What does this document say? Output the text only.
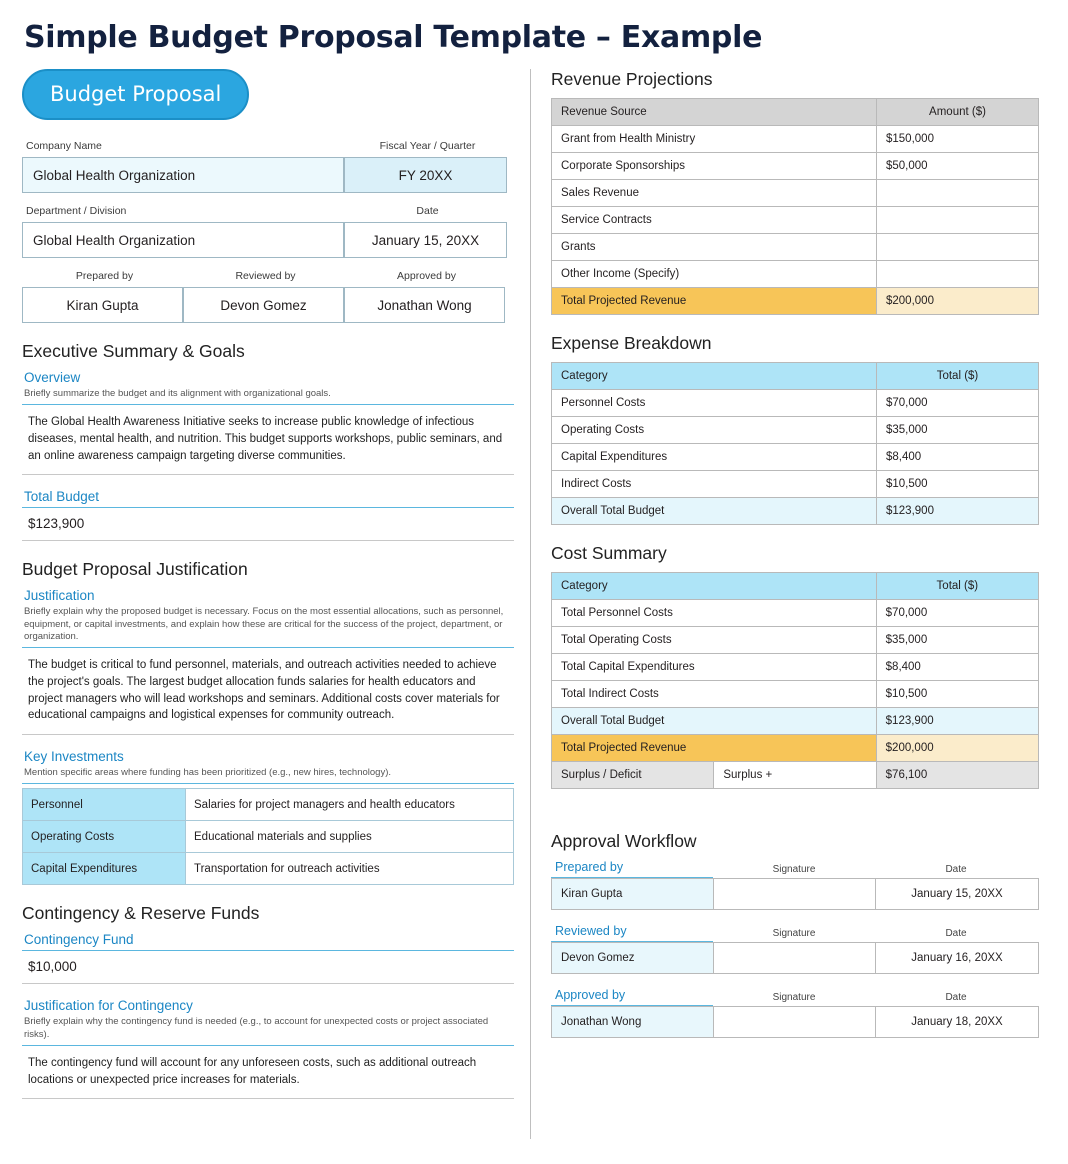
Simple Budget Proposal Template – Example
Budget Proposal
Company Name	Fiscal Year / Quarter
Global Health Organization	FY 20XX
Department / Division	Date
Global Health Organization	January 15, 20XX
Prepared by	Reviewed by	Approved by
Kiran Gupta	Devon Gomez	Jonathan Wong
Executive Summary & Goals
Overview
Briefly summarize the budget and its alignment with organizational goals.
The Global Health Awareness Initiative seeks to increase public knowledge of infectious diseases, mental health, and nutrition. This budget supports workshops, public seminars, and an online awareness campaign targeting diverse communities.
Total Budget
$123,900
Budget Proposal Justification
Justification
Briefly explain why the proposed budget is necessary. Focus on the most essential allocations, such as personnel, equipment, or capital investments, and explain how these are critical for the success of the project, department, or organization.
The budget is critical to fund personnel, materials, and outreach activities needed to achieve the project's goals. The largest budget allocation funds salaries for health educators and project managers who will lead workshops and seminars. Additional costs cover materials for educational campaigns and logistical expenses for community outreach.
Key Investments
Mention specific areas where funding has been prioritized (e.g., new hires, technology).
Personnel	Salaries for project managers and health educators
Operating Costs	Educational materials and supplies
Capital Expenditures	Transportation for outreach activities
Contingency & Reserve Funds
Contingency Fund
$10,000
Justification for Contingency
Briefly explain why the contingency fund is needed (e.g., to account for unexpected costs or project associated risks).
The contingency fund will account for any unforeseen costs, such as additional outreach locations or unexpected price increases for materials.
Revenue Projections
Revenue Source	Amount ($)
Grant from Health Ministry	$150,000
Corporate Sponsorships	$50,000
Sales Revenue	
Service Contracts	
Grants	
Other Income (Specify)	
Total Projected Revenue	$200,000
Expense Breakdown
Category	Total ($)
Personnel Costs	$70,000
Operating Costs	$35,000
Capital Expenditures	$8,400
Indirect Costs	$10,500
Overall Total Budget	$123,900
Cost Summary
Category		Total ($)
Total Personnel Costs		$70,000
Total Operating Costs		$35,000
Total Capital Expenditures		$8,400
Total Indirect Costs		$10,500
Overall Total Budget		$123,900
Total Projected Revenue		$200,000
Surplus / Deficit	Surplus +	$76,100
Approval Workflow
Prepared by	Signature	Date
Kiran Gupta		January 15, 20XX
Reviewed by	Signature	Date
Devon Gomez		January 16, 20XX
Approved by	Signature	Date
Jonathan Wong		January 18, 20XX
